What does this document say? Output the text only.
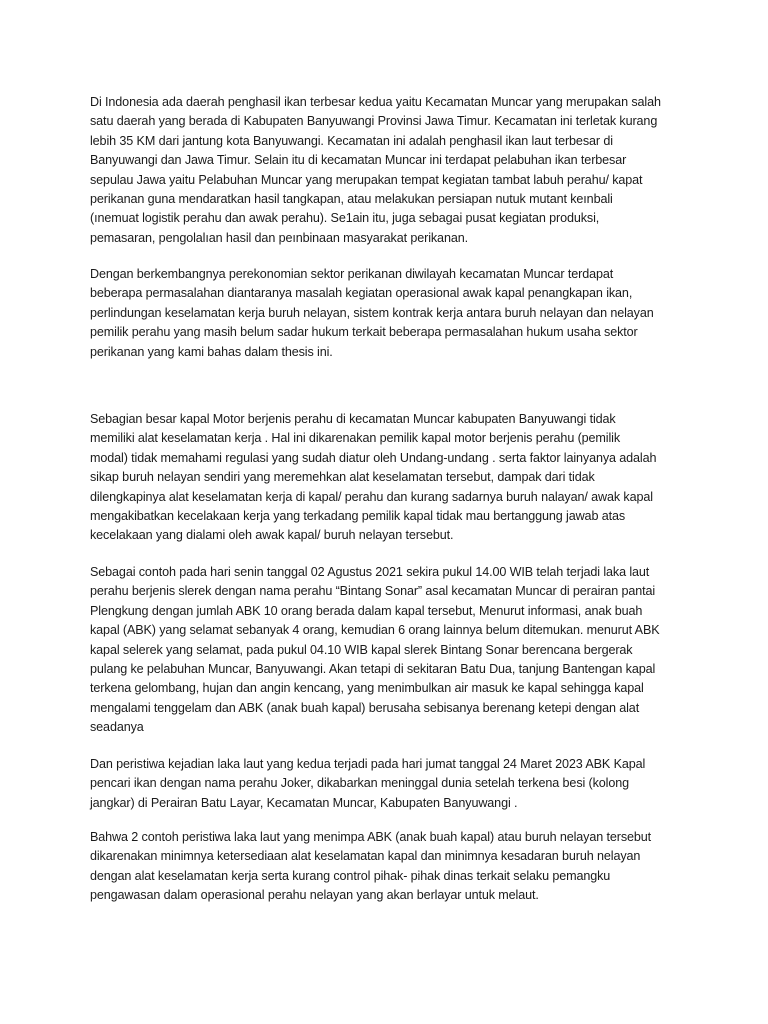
Di Indonesia ada daerah penghasil ikan terbesar kedua yaitu Kecamatan Muncar yang merupakan salah
satu daerah yang berada di Kabupaten Banyuwangi Provinsi Jawa Timur. Kecamatan ini terletak kurang
lebih 35 KM dari jantung kota Banyuwangi. Kecamatan ini adalah penghasil ikan laut terbesar di
Banyuwangi dan Jawa Timur. Selain itu di kecamatan Muncar ini terdapat pelabuhan ikan terbesar
sepulau Jawa yaitu Pelabuhan Muncar yang merupakan tempat kegiatan tambat labuh perahu/ kapat
perikanan guna mendaratkan hasil tangkapan, atau melakukan persiapan nutuk mutant keınbali
(ınemuat logistik perahu dan awak perahu). Se1ain itu, juga sebagai pusat kegiatan produksi,
pemasaran, pengolalıan hasil dan peınbinaan masyarakat perikanan.
Dengan berkembangnya perekonomian sektor perikanan diwilayah kecamatan Muncar terdapat
beberapa permasalahan diantaranya masalah kegiatan operasional awak kapal penangkapan ikan,
perlindungan keselamatan kerja buruh nelayan, sistem kontrak kerja antara buruh nelayan dan nelayan
pemilik perahu yang masih belum sadar hukum terkait beberapa permasalahan hukum usaha sektor
perikanan yang kami bahas dalam thesis ini.
Sebagian besar kapal Motor berjenis perahu di kecamatan Muncar kabupaten Banyuwangi tidak
memiliki alat keselamatan kerja . Hal ini dikarenakan pemilik kapal motor berjenis perahu (pemilik
modal) tidak memahami regulasi yang sudah diatur oleh Undang-undang . serta faktor lainyanya adalah
sikap buruh nelayan sendiri yang meremehkan alat keselamatan tersebut, dampak dari tidak
dilengkapinya alat keselamatan kerja di kapal/ perahu dan kurang sadarnya buruh nalayan/ awak kapal
mengakibatkan kecelakaan kerja yang terkadang pemilik kapal tidak mau bertanggung jawab atas
kecelakaan yang dialami oleh awak kapal/ buruh nelayan tersebut.
Sebagai contoh pada hari senin tanggal 02 Agustus 2021 sekira pukul 14.00 WIB telah terjadi laka laut
perahu berjenis slerek dengan nama perahu “Bintang Sonar” asal kecamatan Muncar di perairan pantai
Plengkung dengan jumlah ABK 10 orang berada dalam kapal tersebut, Menurut informasi, anak buah
kapal (ABK) yang selamat sebanyak 4 orang, kemudian 6 orang lainnya belum ditemukan. menurut ABK
kapal selerek yang selamat, pada pukul 04.10 WIB kapal slerek Bintang Sonar berencana bergerak
pulang ke pelabuhan Muncar, Banyuwangi. Akan tetapi di sekitaran Batu Dua, tanjung Bantengan kapal
terkena gelombang, hujan dan angin kencang, yang menimbulkan air masuk ke kapal sehingga kapal
mengalami tenggelam dan ABK (anak buah kapal) berusaha sebisanya berenang ketepi dengan alat
seadanya
Dan peristiwa kejadian laka laut yang kedua terjadi pada hari jumat tanggal 24 Maret 2023 ABK Kapal
pencari ikan dengan nama perahu Joker, dikabarkan meninggal dunia setelah terkena besi (kolong
jangkar) di Perairan Batu Layar, Kecamatan Muncar, Kabupaten Banyuwangi .
Bahwa 2 contoh peristiwa laka laut yang menimpa ABK (anak buah kapal) atau buruh nelayan tersebut
dikarenakan minimnya ketersediaan alat keselamatan kapal dan minimnya kesadaran buruh nelayan
dengan alat keselamatan kerja serta kurang control pihak- pihak dinas terkait selaku pemangku
pengawasan dalam operasional perahu nelayan yang akan berlayar untuk melaut.
